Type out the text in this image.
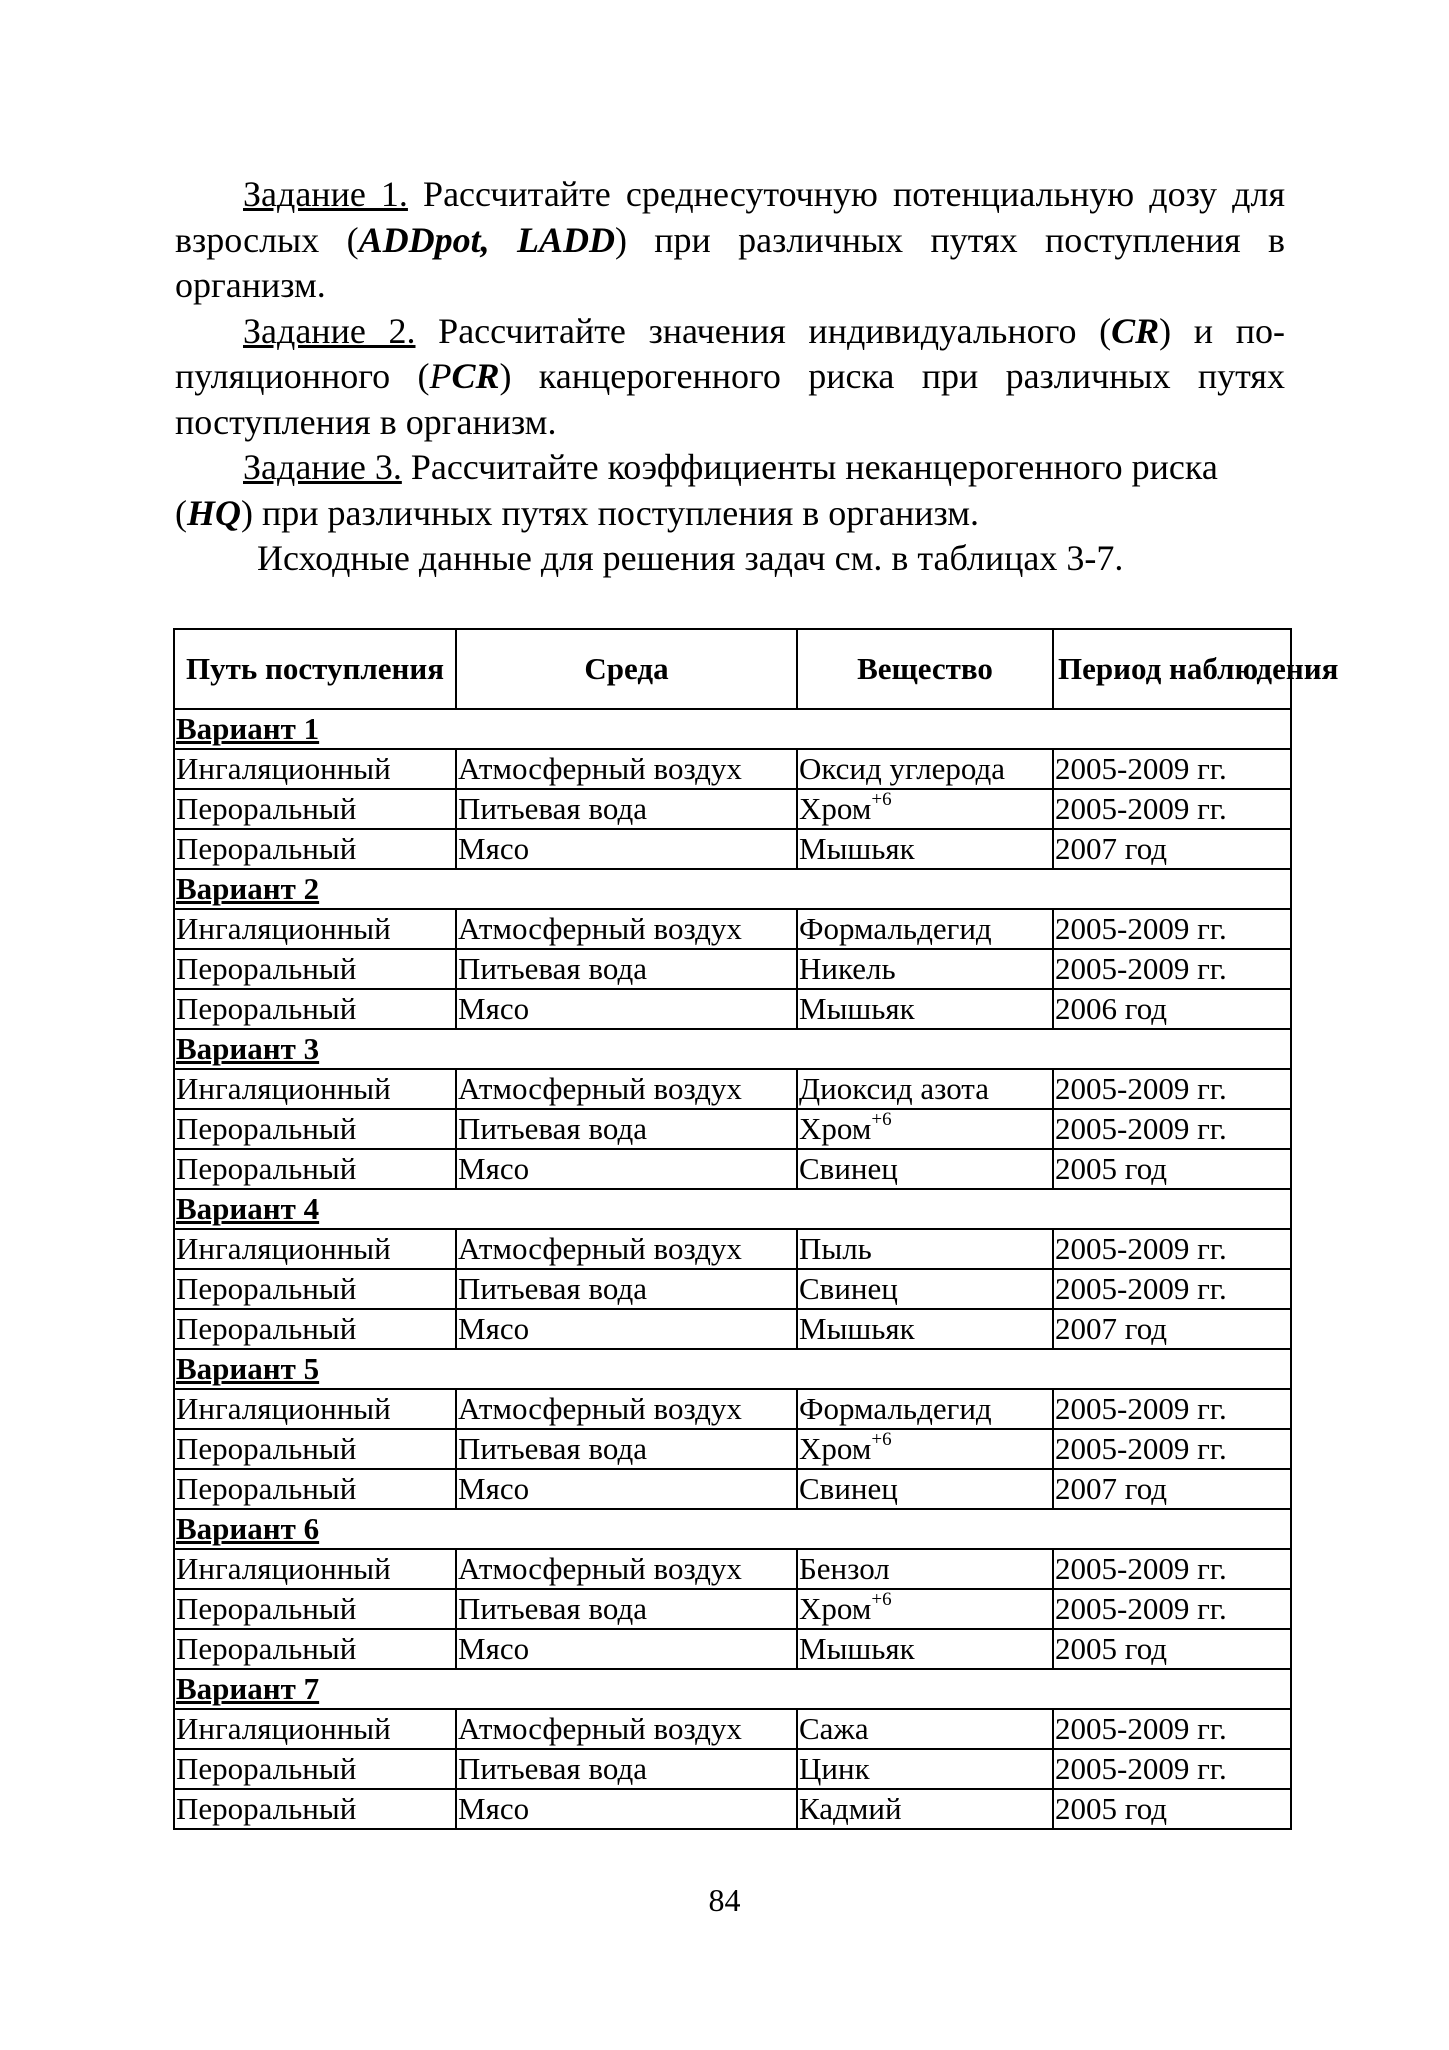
Задание 1. Рассчитайте среднесуточную потенциальную дозу для взрослых (ADDpot, LADD) при различных путях поступления в организм.

Задание 2. Рассчитайте значения индивидуального (CR) и по-пуляционного (PCR) канцерогенного риска при различных путях поступления в организм.

Задание 3. Рассчитайте коэффициенты неканцерогенного риска (HQ) при различных путях поступления в организм.

Исходные данные для решения задач см. в таблицах 3-7.

Путь поступления	Среда	Вещество	Период наблюдения
Вариант 1			
Ингаляционный	Атмосферный воздух	Оксид углерода	2005-2009 гг.
Пероральный	Питьевая вода	Хром$^{+6}$	2005-2009 гг.
Пероральный	Мясо	Мышьяк	2007 год
Вариант 2			
Ингаляционный	Атмосферный воздух	Формальдегид	2005-2009 гг.
Пероральный	Питьевая вода	Никель	2005-2009 гг.
Пероральный	Мясо	Мышьяк	2006 год
Вариант 3			
Ингаляционный	Атмосферный воздух	Диоксид азота	2005-2009 гг.
Пероральный	Питьевая вода	Хром$^{+6}$	2005-2009 гг.
Пероральный	Мясо	Свинец	2005 год
Вариант 4			
Ингаляционный	Атмосферный воздух	Пыль	2005-2009 гг.
Пероральный	Питьевая вода	Свинец	2005-2009 гг.
Пероральный	Мясо	Мышьяк	2007 год
Вариант 5			
Ингаляционный	Атмосферный воздух	Формальдегид	2005-2009 гг.
Пероральный	Питьевая вода	Хром$^{+6}$	2005-2009 гг.
Пероральный	Мясо	Свинец	2007 год
Вариант 6			
Ингаляционный	Атмосферный воздух	Бензол	2005-2009 гг.
Пероральный	Питьевая вода	Хром$^{+6}$	2005-2009 гг.
Пероральный	Мясо	Мышьяк	2005 год
Вариант 7			
Ингаляционный	Атмосферный воздух	Сажа	2005-2009 гг.
Пероральный	Питьевая вода	Цинк	2005-2009 гг.
Пероральный	Мясо	Кадмий	2005 год
84
